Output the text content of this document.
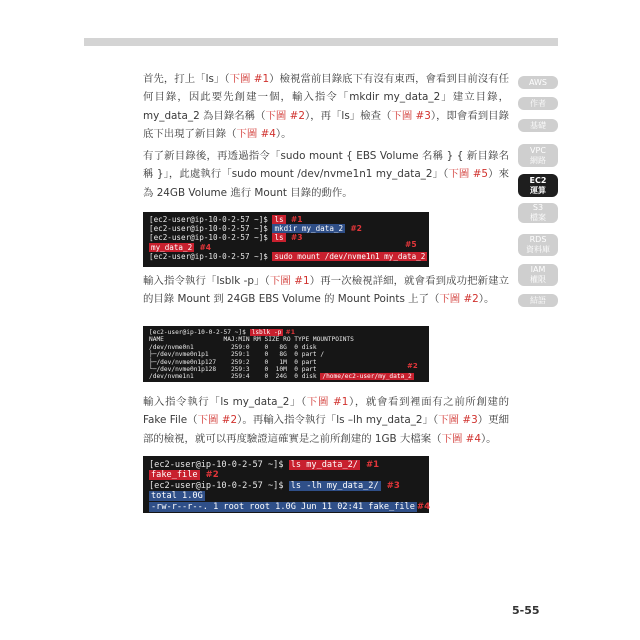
首先，打上「ls」（下圖 #1）檢視當前目錄底下有沒有東西，會看到目前沒有任何目錄，因此要先創建一個，輸入指令「mkdir my_data_2」建立目錄，my_data_2 為目錄名稱（下圖 #2），再「ls」檢查（下圖 #3），即會看到目錄底下出現了新目錄（下圖 #4）。
有了新目錄後，再透過指令「sudo mount { EBS Volume 名稱 } { 新目錄名稱 }」，此處執行「sudo mount /dev/nvme1n1 my_data_2」（下圖 #5）來為 24GB Volume 進行 Mount 目錄的動作。
[ec2-user@ip-10-0-2-57 ~]$ ls  #1
[ec2-user@ip-10-0-2-57 ~]$ mkdir my_data_2  #2
[ec2-user@ip-10-0-2-57 ~]$ ls  #3
my_data_2  #4
[ec2-user@ip-10-0-2-57 ~]$ sudo mount /dev/nvme1n1 my_data_2
#5
輸入指令執行「lsblk -p」（下圖 #1）再一次檢視詳細，就會看到成功把新建立的目錄 Mount 到 24GB EBS Volume 的 Mount Points 上了（下圖 #2）。
[ec2-user@ip-10-0-2-57 ~]$ lsblk -p #1
NAME                MAJ:MIN RM SIZE RO TYPE MOUNTPOINTS
/dev/nvme0n1          259:0    0   8G  0 disk
├─/dev/nvme0n1p1      259:1    0   8G  0 part /
├─/dev/nvme0n1p127    259:2    0   1M  0 part
└─/dev/nvme0n1p128    259:3    0  10M  0 part
/dev/nvme1n1          259:4    0  24G  0 disk /home/ec2-user/my_data_2
#2
輸入指令執行「ls my_data_2」（下圖 #1），就會看到裡面有之前所創建的 Fake File（下圖 #2）。再輸入指令執行「ls –lh my_data_2」（下圖 #3）更細部的檢視，就可以再度驗證這確實是之前所創建的 1GB 大檔案（下圖 #4）。
[ec2-user@ip-10-0-2-57 ~]$ ls my_data_2/  #1
fake_file  #2
[ec2-user@ip-10-0-2-57 ~]$ ls -lh my_data_2/  #3
total 1.0G
-rw-r--r--. 1 root root 1.0G Jun 11 02:41 fake_file #4
AWS
作者
基礎
VPC
網路
EC2
運算
S3
檔案
RDS
資料庫
IAM
權限
結語
5-55
